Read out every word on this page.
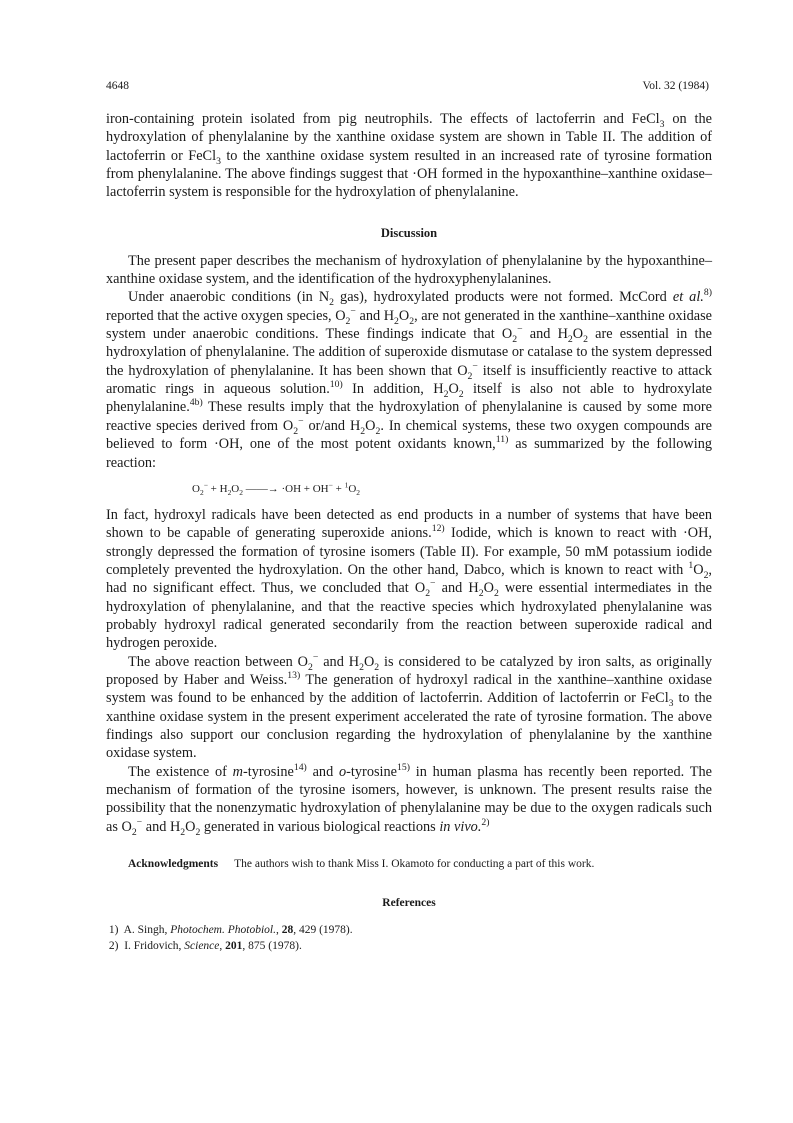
4648	Vol. 32 (1984)

iron-containing protein isolated from pig neutrophils. The effects of lactoferrin and FeCl$_3$ on the hydroxylation of phenylalanine by the xanthine oxidase system are shown in Table II. The addition of lactoferrin or FeCl$_3$ to the xanthine oxidase system resulted in an increased rate of tyrosine formation from phenylalanine. The above findings suggest that ·OH formed in the hypoxanthine–xanthine oxidase–lactoferrin system is responsible for the hydroxylation of phenylalanine.

Discussion

The present paper describes the mechanism of hydroxylation of phenylalanine by the hypoxanthine–xanthine oxidase system, and the identification of the hydroxyphenylalanines.

Under anaerobic conditions (in $N_2$ gas), hydroxylated products were not formed. McCord et al.$^{8)}$ reported that the active oxygen species, $O_2^-$ and $H_2O_2$, are not generated in the xanthine–xanthine oxidase system under anaerobic conditions. These findings indicate that $O_2^-$ and $H_2O_2$ are essential in the hydroxylation of phenylalanine. The addition of superoxide dismutase or catalase to the system depressed the hydroxylation of phenylalanine. It has been shown that $O_2^-$ itself is insufficiently reactive to attack aromatic rings in aqueous solution.$^{10)}$ In addition, $H_2O_2$ itself is also not able to hydroxylate phenylalanine.$^{4b)}$ These results imply that the hydroxylation of phenylalanine is caused by some more reactive species derived from $O_2^-$ or/and $H_2O_2$. In chemical systems, these two oxygen compounds are believed to form ·OH, one of the most potent oxidants known,$^{11)}$ as summarized by the following reaction:

$O_2^- + H_2O_2$ ——→ $\cdot OH + OH^- + ^1O_2$

In fact, hydroxyl radicals have been detected as end products in a number of systems that have been shown to be capable of generating superoxide anions.$^{12)}$ Iodide, which is known to react with ·OH, strongly depressed the formation of tyrosine isomers (Table II). For example, 50 mM potassium iodide completely prevented the hydroxylation. On the other hand, Dabco, which is known to react with $^1O_2$, had no significant effect. Thus, we concluded that $O_2^-$ and $H_2O_2$ were essential intermediates in the hydroxylation of phenylalanine, and that the reactive species which hydroxylated phenylalanine was probably hydroxyl radical generated secondarily from the reaction between superoxide radical and hydrogen peroxide.

The above reaction between $O_2^-$ and $H_2O_2$ is considered to be catalyzed by iron salts, as originally proposed by Haber and Weiss.$^{13)}$ The generation of hydroxyl radical in the xanthine–xanthine oxidase system was found to be enhanced by the addition of lactoferrin. Addition of lactoferrin or FeCl$_3$ to the xanthine oxidase system in the present experiment accelerated the rate of tyrosine formation. The above findings also support our conclusion regarding the hydroxylation of phenylalanine by the xanthine oxidase system.

The existence of m-tyrosine$^{14)}$ and o-tyrosine$^{15)}$ in human plasma has recently been reported. The mechanism of formation of the tyrosine isomers, however, is unknown. The present results raise the possibility that the nonenzymatic hydroxylation of phenylalanine may be due to the oxygen radicals such as $O_2^-$ and $H_2O_2$ generated in various biological reactions in vivo.$^{2)}$

Acknowledgments The authors wish to thank Miss I. Okamoto for conducting a part of this work.
References
1) A. Singh, Photochem. Photobiol., 28, 429 (1978).
2) I. Fridovich, Science, 201, 875 (1978).
